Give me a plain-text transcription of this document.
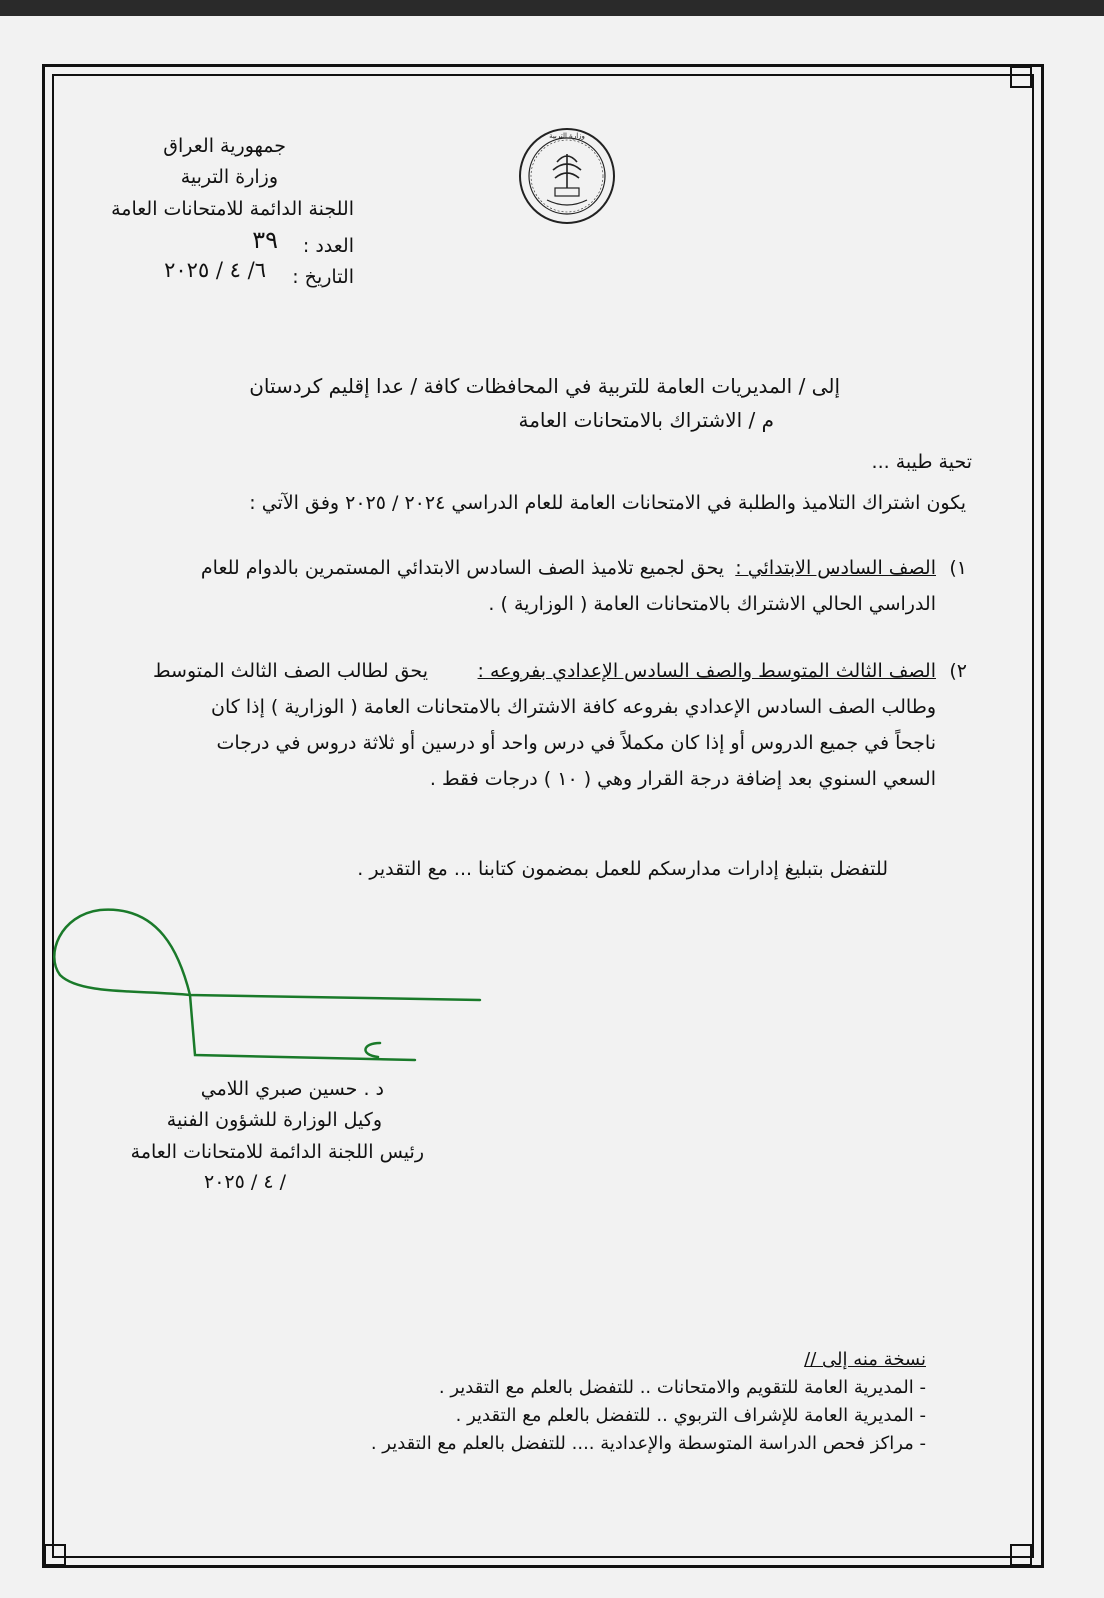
جمهورية العراق
وزارة التربية
اللجنة الدائمة للامتحانات العامة
العدد :
٣٩
التاريخ :
٦/ ٤ / ٢٠٢٥
وزارة التربية
إلى / المديريات العامة للتربية في المحافظات كافة / عدا إقليم كردستان
م / الاشتراك بالامتحانات العامة
تحية طيبة ...
يكون اشتراك التلاميذ والطلبة في الامتحانات العامة للعام الدراسي ٢٠٢٤ / ٢٠٢٥ وفق الآتي :
١)
الصف السادس الابتدائي :
يحق لجميع تلاميذ الصف السادس الابتدائي المستمرين بالدوام للعام
الدراسي الحالي الاشتراك بالامتحانات العامة ( الوزارية ) .
٢)
الصف الثالث المتوسط والصف السادس الإعدادي بفروعه :
يحق لطالب الصف الثالث المتوسط
وطالب الصف السادس الإعدادي بفروعه كافة الاشتراك بالامتحانات العامة ( الوزارية ) إذا كان
ناجحاً في جميع الدروس أو إذا كان مكملاً في درس واحد أو درسين أو ثلاثة دروس في درجات
السعي السنوي بعد إضافة درجة القرار وهي ( ١٠ ) درجات فقط .
للتفضل بتبليغ إدارات مدارسكم للعمل بمضمون كتابنا ... مع التقدير .
د . حسين صبري اللامي
وكيل الوزارة للشؤون الفنية
رئيس اللجنة الدائمة للامتحانات العامة
/ ٤ / ٢٠٢٥
نسخة منه إلى //
- المديرية العامة للتقويم والامتحانات .. للتفضل بالعلم مع التقدير .
- المديرية العامة للإشراف التربوي .. للتفضل بالعلم مع التقدير .
- مراكز فحص الدراسة المتوسطة والإعدادية .... للتفضل بالعلم مع التقدير .
